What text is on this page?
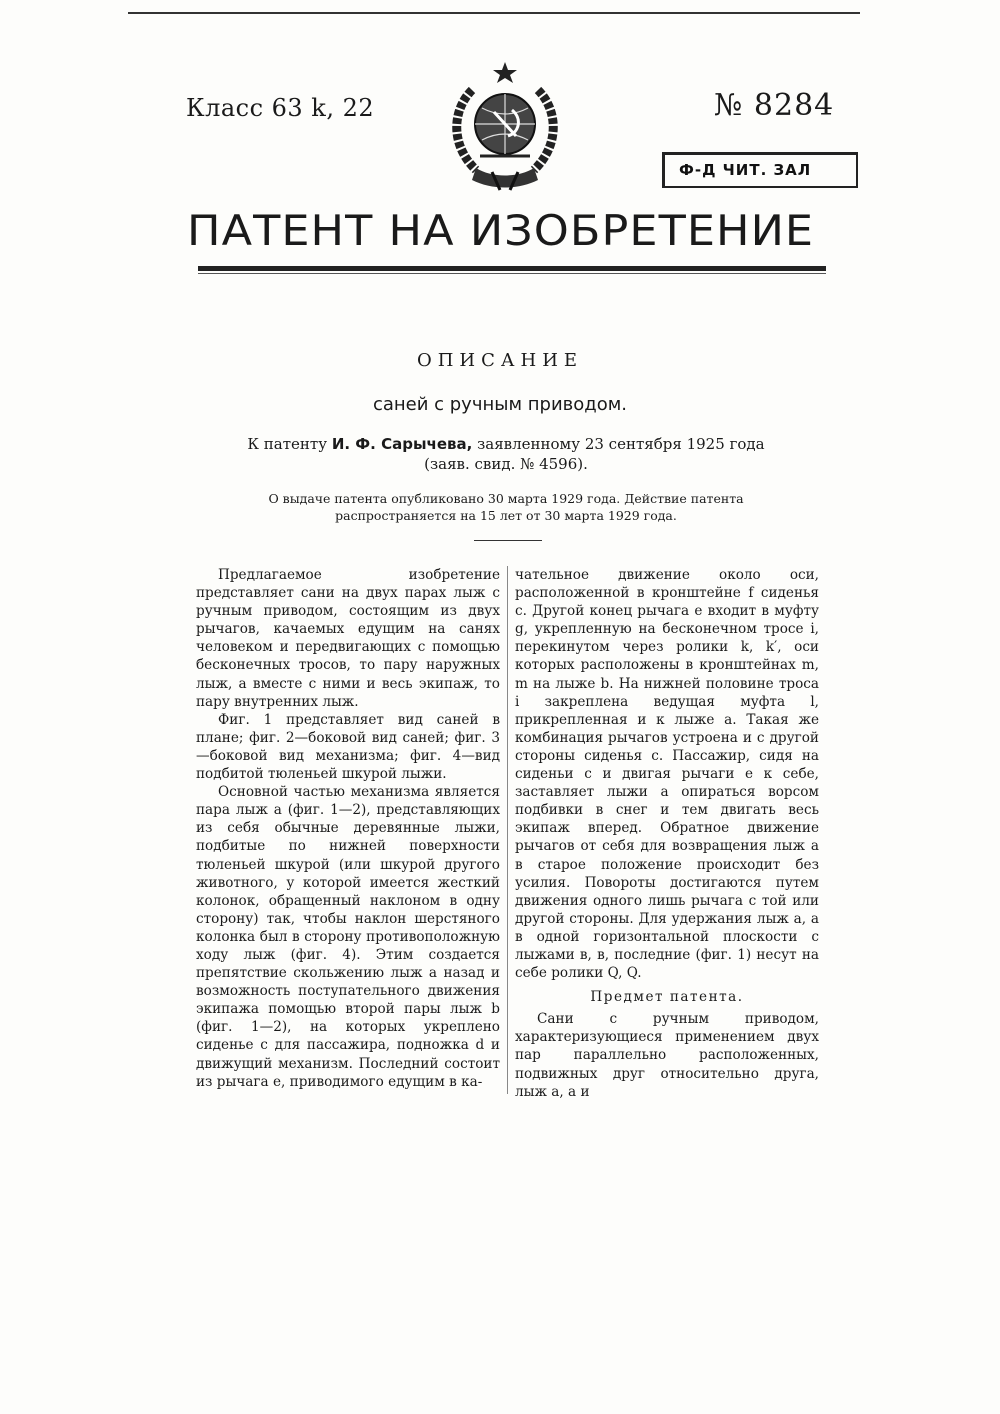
Класс 63 k, 22	№ 8284
Ф-Д ЧИТ. ЗАЛ
ПАТЕНТ НА ИЗОБРЕТЕНИЕ
ОПИСАНИЕ
саней с ручным приводом.
К патенту И. Ф. Сарычева, заявленному 23 сентября 1925 года
(заяв. свид. № 4596).
О выдаче патента опубликовано 30 марта 1929 года. Действие патента распространяется на 15 лет от 30 марта 1929 года.

Предлагаемое изобретение представляет сани на двух парах лыж с ручным приводом, состоящим из двух рычагов, качаемых едущим на санях человеком и передвигающих с помощью бесконечных тросов, то пару наружных лыж, а вместе с ними и весь экипаж, то пару внутренних лыж.

Фиг. 1 представляет вид саней в плане; фиг. 2—боковой вид саней; фиг. 3—боковой вид механизма; фиг. 4—вид подбитой тюленьей шкурой лыжи.

Основной частью механизма является пара лыж a (фиг. 1—2), представляющих из себя обычные деревянные лыжи, подбитые по нижней поверхности тюленьей шкурой (или шкурой другого животного, у которой имеется жесткий колонок, обращенный наклоном в одну сторону) так, чтобы наклон шерстяного колонка был в сторону противоположную ходу лыж (фиг. 4). Этим создается препятствие скольжению лыж a назад и возможность поступательного движения экипажа помощью второй пары лыж b (фиг. 1—2), на которых укреплено сиденье c для пассажира, подножка d и движущий механизм. Последний состоит из рычага e, приводимого едущим в ка-

чательное движение около оси, расположенной в кронштейне f сиденья c. Другой конец рычага e входит в муфту g, укрепленную на бесконечном тросе i, перекинутом через ролики k, k′, оси которых расположены в кронштейнах m, m на лыже b. На нижней половине троса i закреплена ведущая муфта l, прикрепленная и к лыже a. Такая же комбинация рычагов устроена и с другой стороны сиденья c. Пассажир, сидя на сиденьи c и двигая рычаги e к себе, заставляет лыжи a опираться ворсом подбивки в снег и тем двигать весь экипаж вперед. Обратное движение рычагов от себя для возвращения лыж a в старое положение происходит без усилия. Повороты достигаются путем движения одного лишь рычага с той или другой стороны. Для удержания лыж a, a в одной горизонтальной плоскости с лыжами в, в, последние (фиг. 1) несут на себе ролики Q, Q.

Предмет патента.

Сани с ручным приводом, характеризующиеся применением двух пар параллельно расположенных, подвижных друг относительно друга, лыж a, a и
